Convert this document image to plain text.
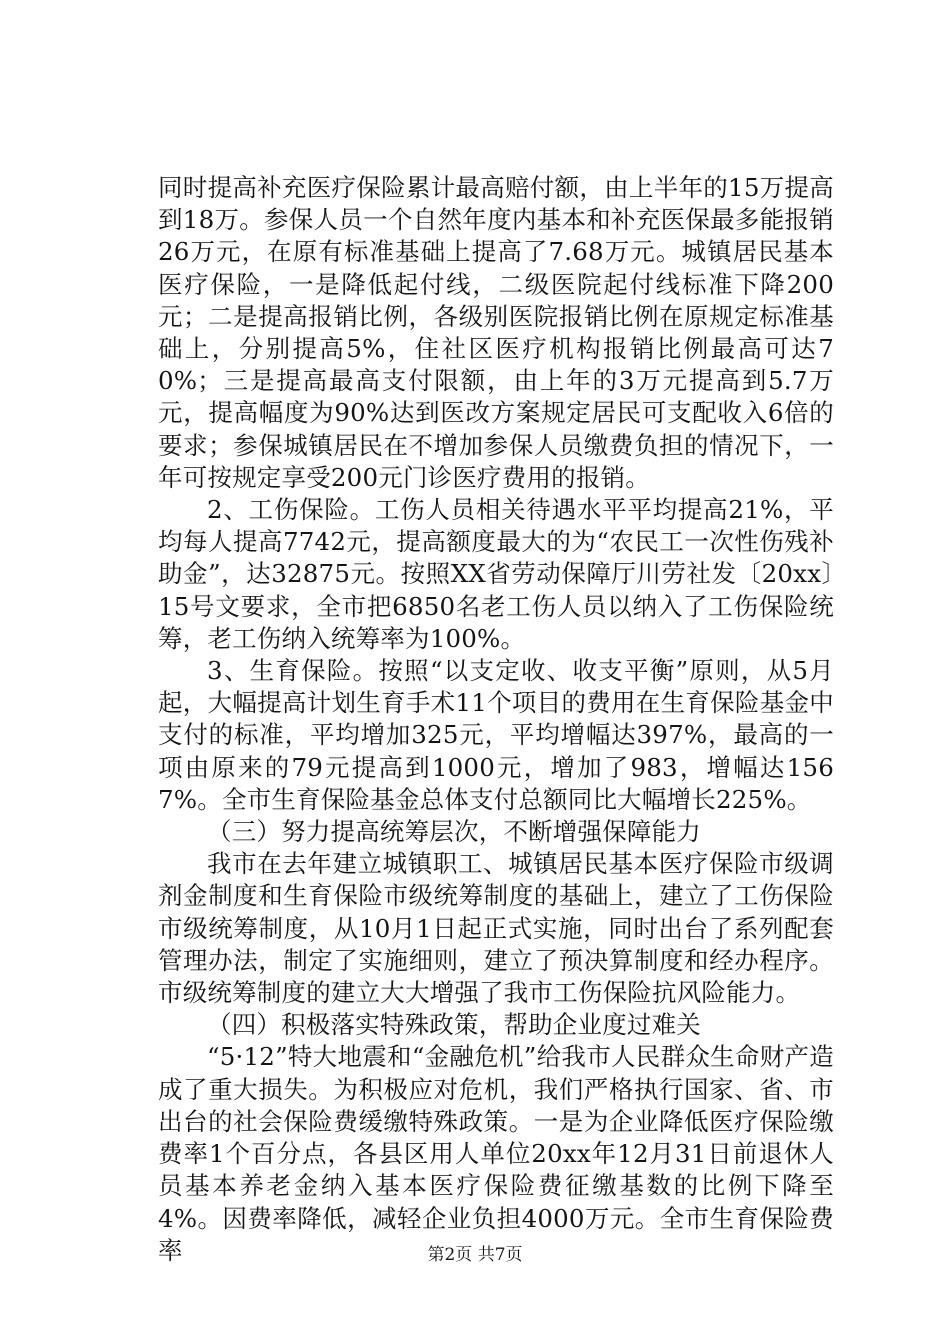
同时提高补充医疗保险累计最高赔付额，由上半年的15万提高到18万。参保人员一个自然年度内基本和补充医保最多能报销26万元，在原有标准基础上提高了7.68万元。城镇居民基本医疗保险，一是降低起付线，二级医院起付线标准下降200元；二是提高报销比例，各级别医院报销比例在原规定标准基础上，分别提高5%，住社区医疗机构报销比例最高可达70%；三是提高最高支付限额，由上年的3万元提高到5.7万元，提高幅度为90%达到医改方案规定居民可支配收入6倍的要求；参保城镇居民在不增加参保人员缴费负担的情况下，一年可按规定享受200元门诊医疗费用的报销。

2、工伤保险。工伤人员相关待遇水平平均提高21%，平均每人提高7742元，提高额度最大的为“农民工一次性伤残补助金”，达32875元。按照XX省劳动保障厅川劳社发〔20xx〕15号文要求，全市把6850名老工伤人员以纳入了工伤保险统筹，老工伤纳入统筹率为100%。

3、生育保险。按照“以支定收、收支平衡”原则，从5月起，大幅提高计划生育手术11个项目的费用在生育保险基金中支付的标准，平均增加325元，平均增幅达397%，最高的一项由原来的79元提高到1000元，增加了983，增幅达1567%。全市生育保险基金总体支付总额同比大幅增长225%。

（三）努力提高统筹层次，不断增强保障能力

我市在去年建立城镇职工、城镇居民基本医疗保险市级调剂金制度和生育保险市级统筹制度的基础上，建立了工伤保险市级统筹制度，从10月1日起正式实施，同时出台了系列配套管理办法，制定了实施细则，建立了预决算制度和经办程序。市级统筹制度的建立大大增强了我市工伤保险抗风险能力。

（四）积极落实特殊政策，帮助企业度过难关

“5·12”特大地震和“金融危机”给我市人民群众生命财产造成了重大损失。为积极应对危机，我们严格执行国家、省、市出台的社会保险费缓缴特殊政策。一是为企业降低医疗保险缴费率1个百分点，各县区用人单位20xx年12月31日前退休人员基本养老金纳入基本医疗保险费征缴基数的比例下降至4%。因费率降低，减轻企业负担4000万元。全市生育保险费率	第2页 共7页
